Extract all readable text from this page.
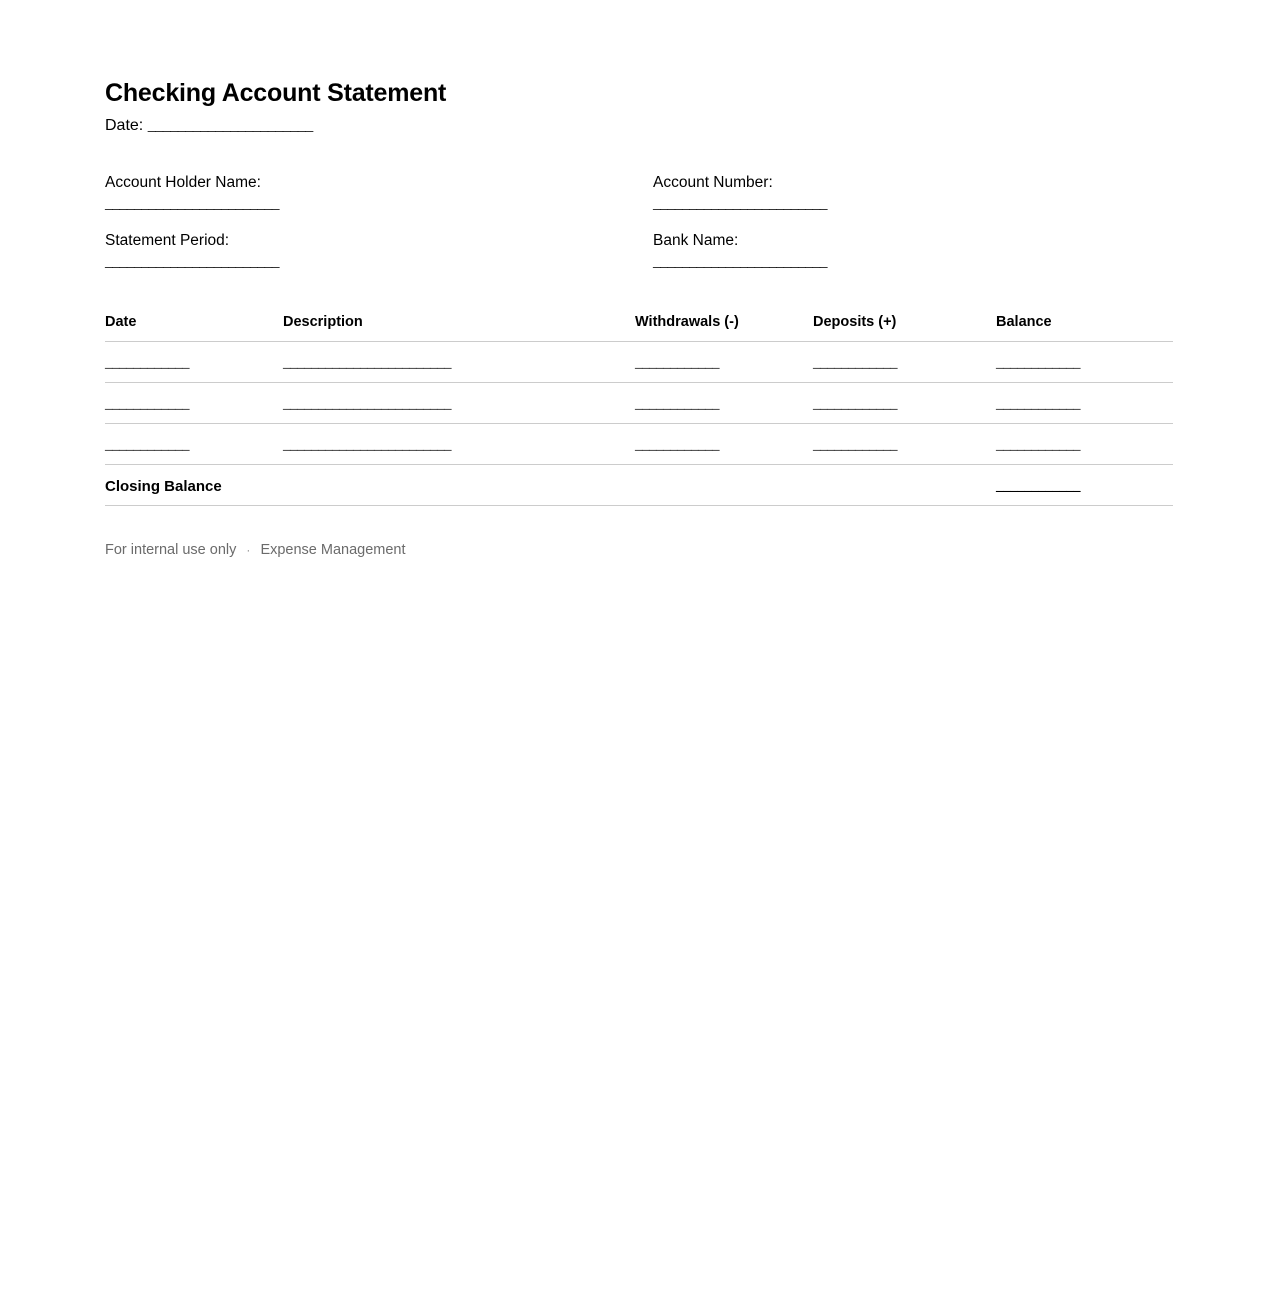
Checking Account Statement
Date: ______________________
Account Holder Name:
________________________
Account Number:
________________________
Statement Period:
________________________
Bank Name:
________________________
Date	Description	Withdrawals (-)	Deposits (+)	Balance
____________	________________________	____________	____________	____________
____________	________________________	____________	____________	____________
____________	________________________	____________	____________	____________
Closing Balance				____________
For internal use only · Expense Management
